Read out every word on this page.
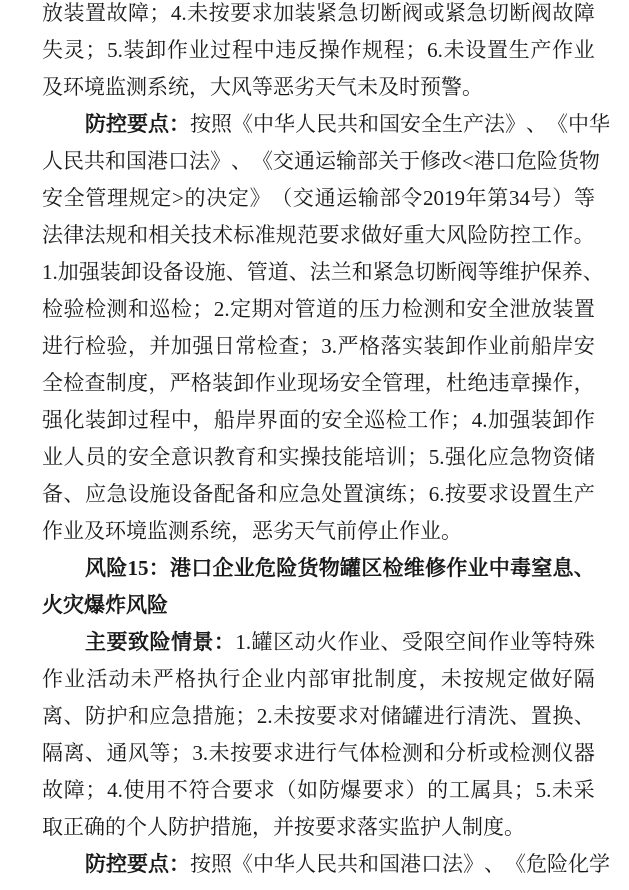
放 装 置 故 障 ； 4. 未 按 要 求 加 装 紧 急 切 断 阀 或 紧 急 切 断 阀 故 障
失 灵 ； 5. 装 卸 作 业 过 程 中 违 反 操 作 规 程 ； 6. 未 设 置 生 产 作 业
及环境监测系统，大风等恶劣天气未及时预警。
防 控 要 点 ： 按 照 《 中 华 人 民 共 和 国 安 全 生 产 法 》 、 《 中 华
人 民 共 和 国 港 口 法 》 、 《 交 通 运 输 部 关 于 修 改 < 港 口 危 险 货 物
安 全 管 理 规 定 > 的 决 定 》 （ 交 通 运 输 部 令 2019 年 第 34 号 ） 等
法 律 法 规 和 相 关 技 术 标 准 规 范 要 求 做 好 重 大 风 险 防 控 工 作 。
1. 加 强 装 卸 设 备 设 施 、 管 道 、 法 兰 和 紧 急 切 断 阀 等 维 护 保 养 、
检 验 检 测 和 巡 检 ； 2. 定 期 对 管 道 的 压 力 检 测 和 安 全 泄 放 装 置
进 行 检 验 ， 并 加 强 日 常 检 查 ； 3. 严 格 落 实 装 卸 作 业 前 船 岸 安
全 检 查 制 度 ， 严 格 装 卸 作 业 现 场 安 全 管 理 ， 杜 绝 违 章 操 作 ，
强 化 装 卸 过 程 中 ， 船 岸 界 面 的 安 全 巡 检 工 作 ； 4. 加 强 装 卸 作
业 人 员 的 安 全 意 识 教 育 和 实 操 技 能 培 训 ； 5. 强 化 应 急 物 资 储
备 、 应 急 设 施 设 备 配 备 和 应 急 处 置 演 练 ； 6. 按 要 求 设 置 生 产
作业及环境监测系统，恶劣天气前停止作业。
风 险 15 ： 港 口 企 业 危 险 货 物 罐 区 检 维 修 作 业 中 毒 窒 息 、
火灾爆炸风险
主 要 致 险 情 景 ： 1. 罐 区 动 火 作 业 、 受 限 空 间 作 业 等 特 殊
作 业 活 动 未 严 格 执 行 企 业 内 部 审 批 制 度 ， 未 按 规 定 做 好 隔
离 、 防 护 和 应 急 措 施 ； 2. 未 按 要 求 对 储 罐 进 行 清 洗 、 置 换 、
隔 离 、 通 风 等 ； 3. 未 按 要 求 进 行 气 体 检 测 和 分 析 或 检 测 仪 器
故 障 ； 4. 使 用 不 符 合 要 求 （ 如 防 爆 要 求 ） 的 工 属 具 ； 5. 未 采
取正确的个人防护措施，并按要求落实监护人制度。
防 控 要 点 ： 按 照 《 中 华 人 民 共 和 国 港 口 法 》 、 《 危 险 化 学
